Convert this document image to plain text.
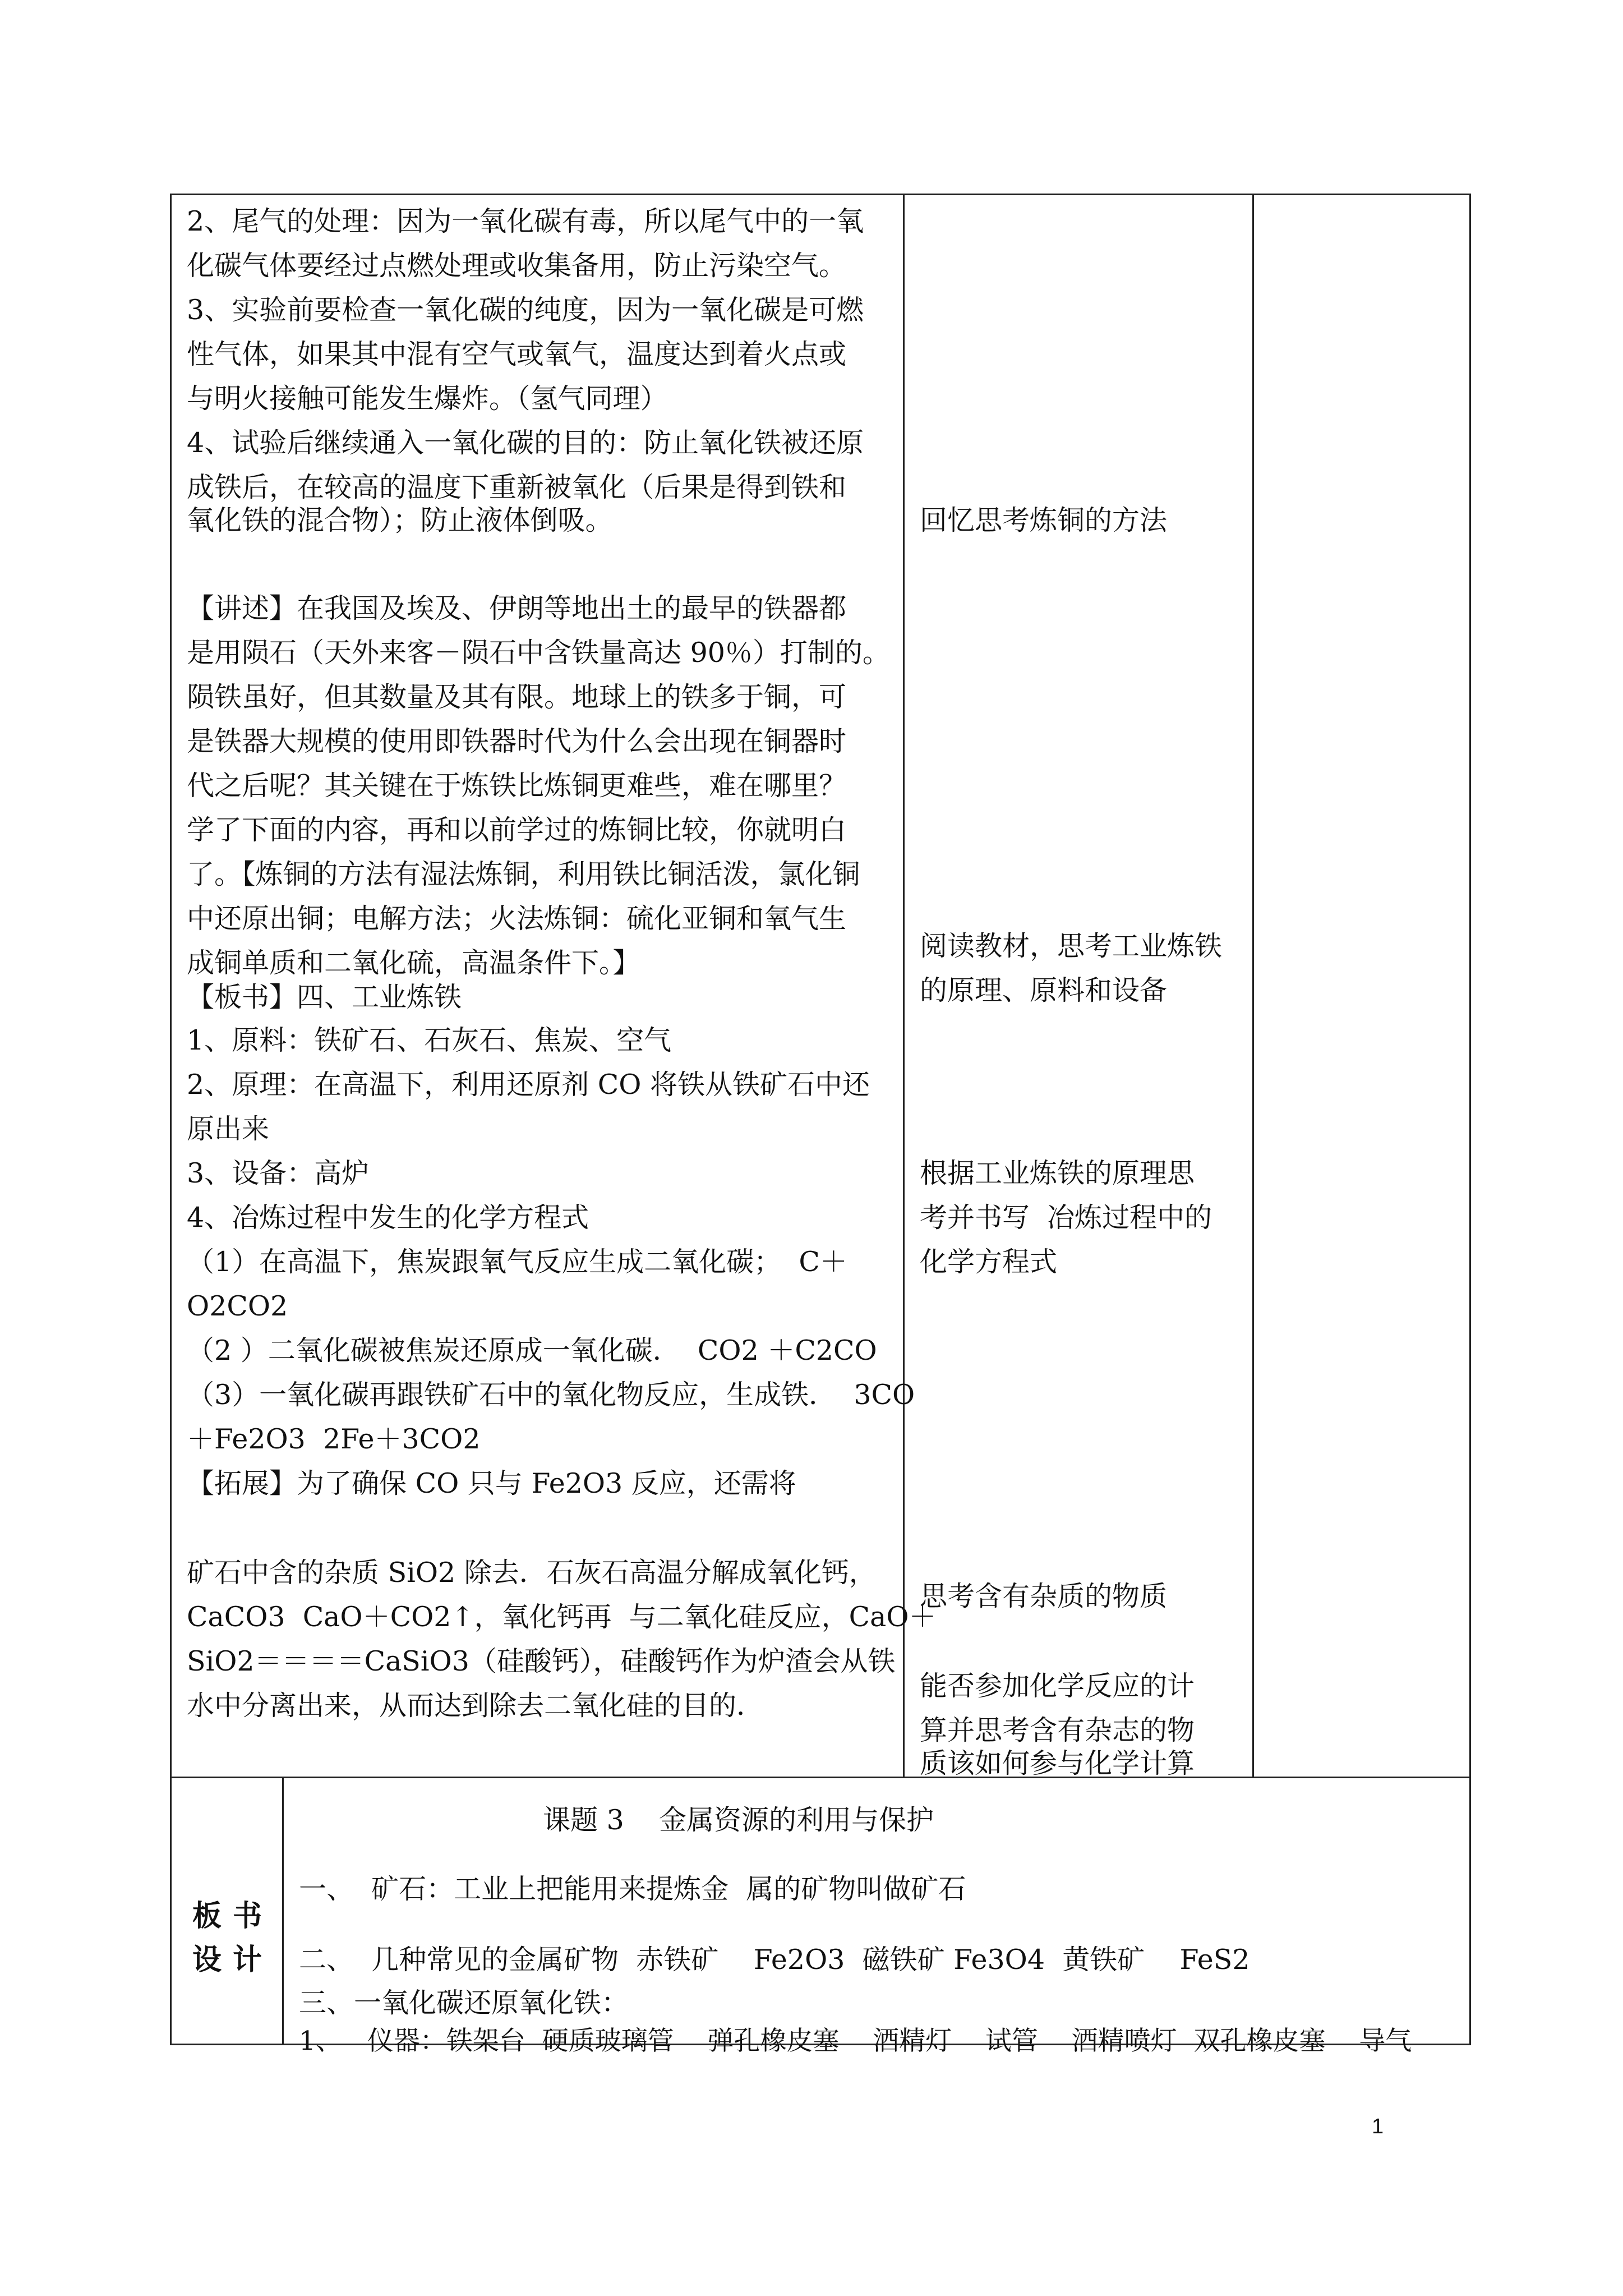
2、尾气的处理：因为一氧化碳有毒，所以尾气中的一氧
化碳气体要经过点燃处理或收集备用，防止污染空气。
3、实验前要检查一氧化碳的纯度，因为一氧化碳是可燃
性气体，如果其中混有空气或氧气，温度达到着火点或
与明火接触可能发生爆炸。（氢气同理）
4、试验后继续通入一氧化碳的目的：防止氧化铁被还原
成铁后，在较高的温度下重新被氧化（后果是得到铁和
氧化铁的混合物）；防止液体倒吸。
【讲述】在我国及埃及、伊朗等地出土的最早的铁器都
是用陨石（天外来客－陨石中含铁量高达 90％）打制的。
陨铁虽好，但其数量及其有限。地球上的铁多于铜，可
是铁器大规模的使用即铁器时代为什么会出现在铜器时
代之后呢？其关键在于炼铁比炼铜更难些，难在哪里？
学了下面的内容，再和以前学过的炼铜比较，你就明白
了。【炼铜的方法有湿法炼铜，利用铁比铜活泼，氯化铜
中还原出铜；电解方法；火法炼铜：硫化亚铜和氧气生
成铜单质和二氧化硫，高温条件下。】
【板书】四、工业炼铁
1、原料：铁矿石、石灰石、焦炭、空气
2、原理：在高温下，利用还原剂 CO 将铁从铁矿石中还
原出来
3、设备：高炉
4、冶炼过程中发生的化学方程式
（1）在高温下，焦炭跟氧气反应生成二氧化碳；  C＋
O2CO2
（2 ）二氧化碳被焦炭还原成一氧化碳．  CO2 ＋C2CO
（3）一氧化碳再跟铁矿石中的氧化物反应，生成铁．  3CO
＋Fe2O3  2Fe＋3CO2
【拓展】为了确保 CO 只与 Fe2O3 反应，还需将
矿石中含的杂质 SiO2 除去．石灰石高温分解成氧化钙，
CaCO3  CaO＋CO2↑，氧化钙再  与二氧化硅反应，CaO＋
SiO2＝＝＝＝CaSiO3（硅酸钙），硅酸钙作为炉渣会从铁
水中分离出来，从而达到除去二氧化硅的目的．
回忆思考炼铜的方法
阅读教材，思考工业炼铁
的原理、原料和设备
根据工业炼铁的原理思
考并书写  冶炼过程中的
化学方程式
思考含有杂质的物质
能否参加化学反应的计
算并思考含有杂志的物
质该如何参与化学计算
板书
设计
课题 3    金属资源的利用与保护
一、  矿石：工业上把能用来提炼金  属的矿物叫做矿石
二、  几种常见的金属矿物  赤铁矿    Fe2O3  磁铁矿 Fe3O4  黄铁矿    FeS2
三、一氧化碳还原氧化铁：
1、   仪器：铁架台  硬质玻璃管    弹孔橡皮塞    酒精灯    试管    酒精喷灯  双孔橡皮塞    导气
1
